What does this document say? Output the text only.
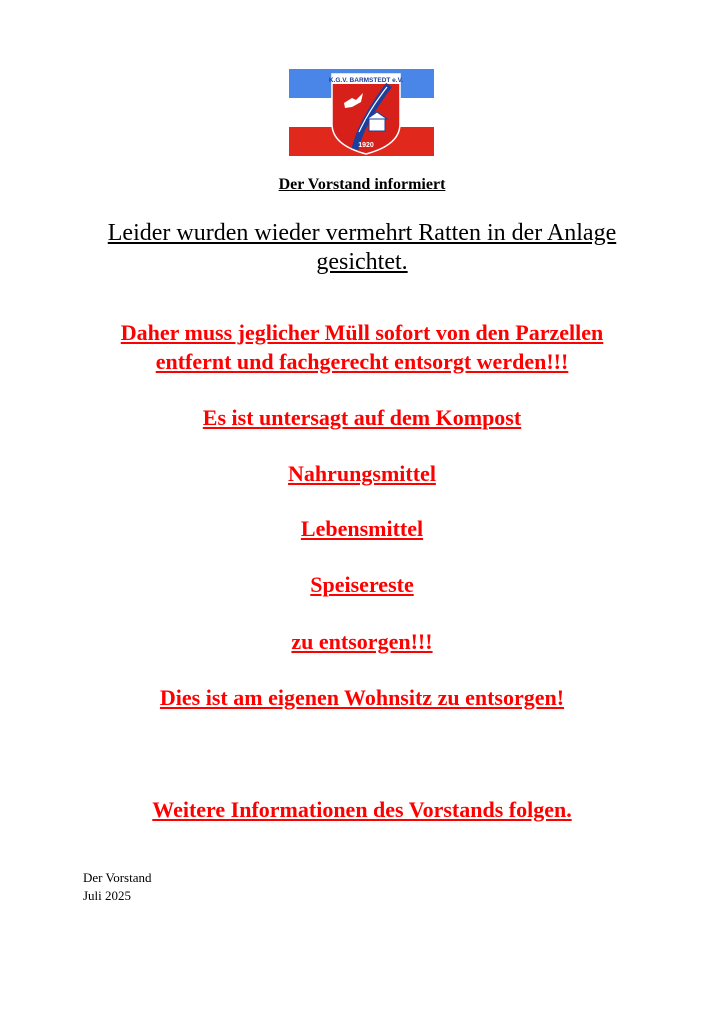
K.G.V. BARMSTEDT e.V.
1920
Der Vorstand informiert
Leider wurden wieder vermehrt Ratten in der Anlage
gesichtet.
Daher muss jeglicher Müll sofort von den Parzellen
entfernt und fachgerecht entsorgt werden!!!
Es ist untersagt auf dem Kompost
Nahrungsmittel
Lebensmittel
Speisereste
zu entsorgen!!!
Dies ist am eigenen Wohnsitz zu entsorgen!
Weitere Informationen des Vorstands folgen.
Der Vorstand
Juli 2025
